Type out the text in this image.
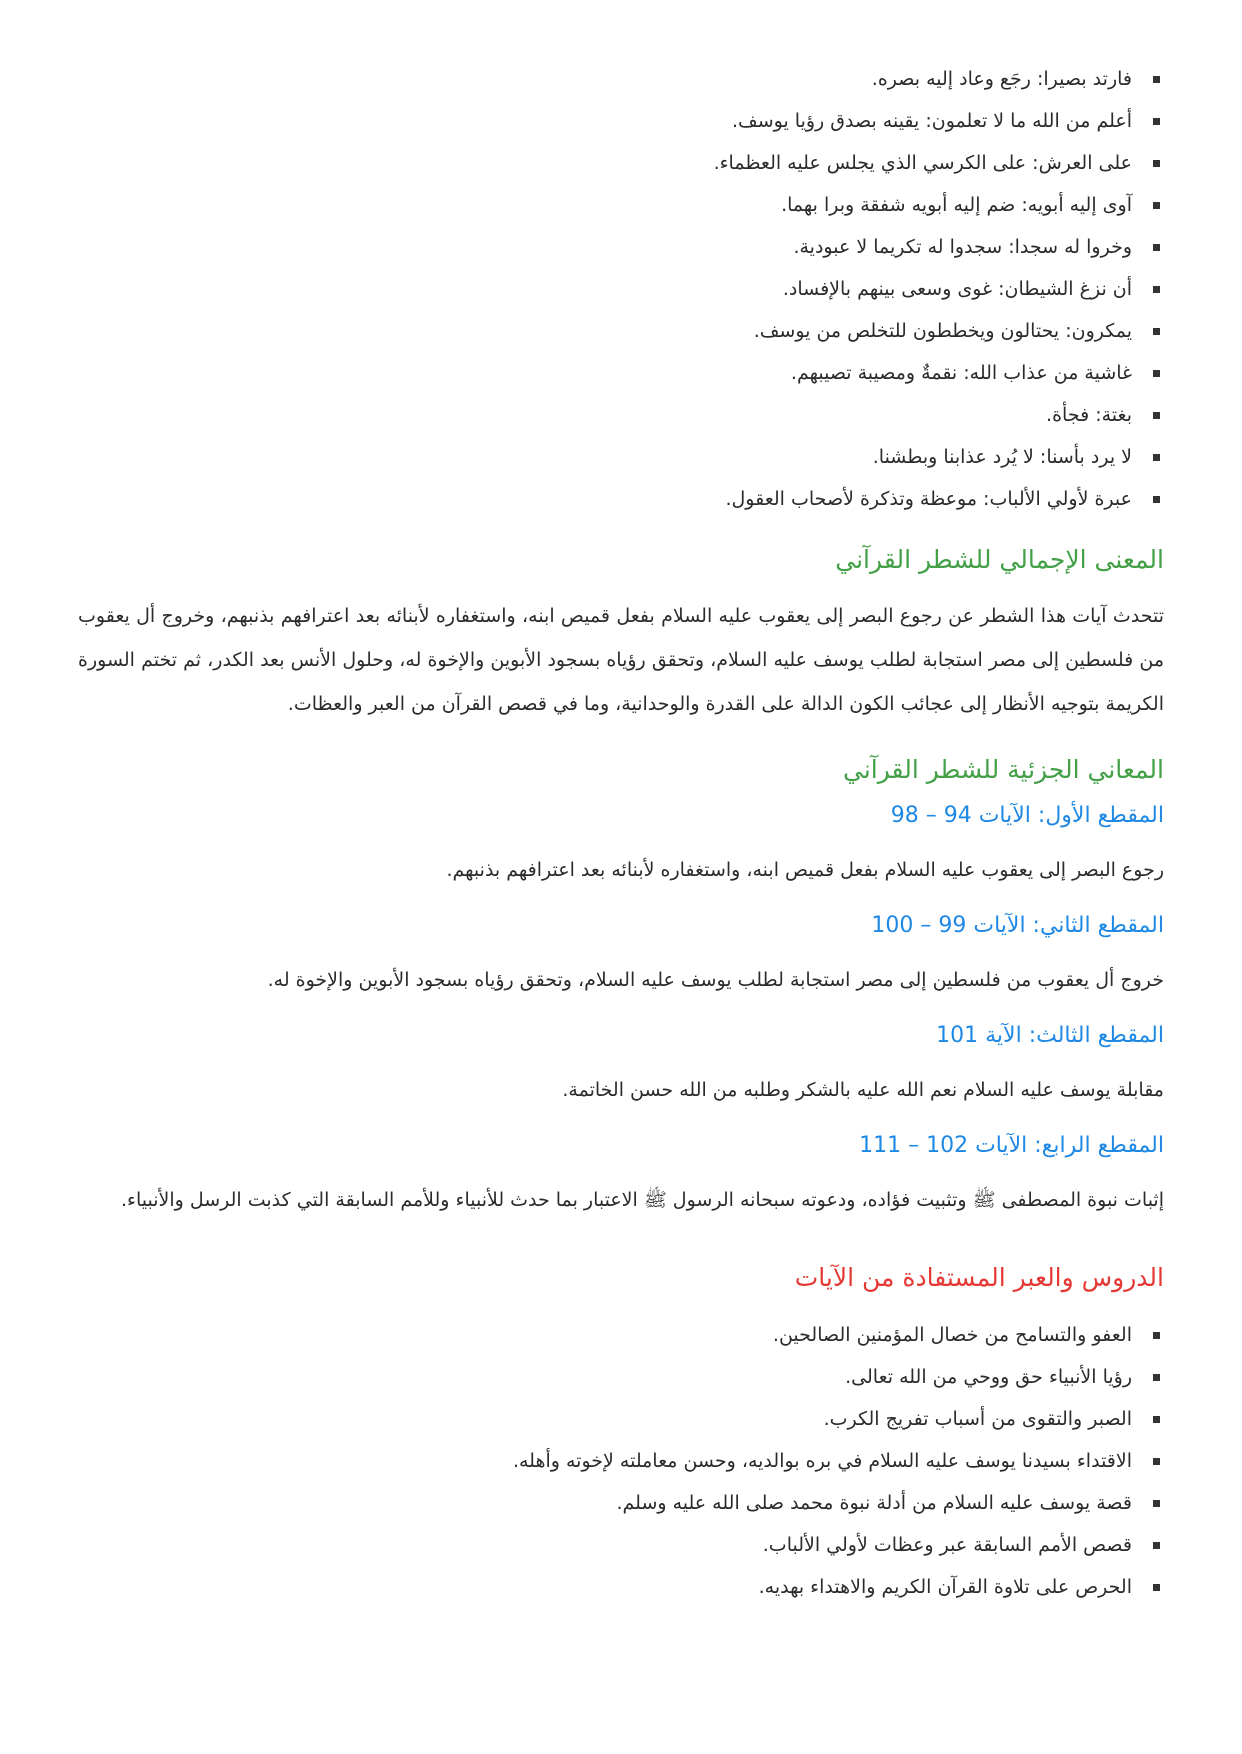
فارتد بصيرا: رجَع وعاد إليه بصره.
أعلم من الله ما لا تعلمون: يقينه بصدق رؤيا يوسف.
على العرش: على الكرسي الذي يجلس عليه العظماء.
آوى إليه أبويه: ضم إليه أبويه شفقة وبرا بهما.
وخروا له سجدا: سجدوا له تكريما لا عبودية.
أن نزغ الشيطان: غوى وسعى بينهم بالإفساد.
يمكرون: يحتالون ويخططون للتخلص من يوسف.
غاشية من عذاب الله: نقمةٌ ومصيبة تصيبهم.
بغتة: فجأة.
لا يرد بأسنا: لا يُرد عذابنا وبطشنا.
عبرة لأولي الألباب: موعظة وتذكرة لأصحاب العقول.
المعنى الإجمالي للشطر القرآني

تتحدث آيات هذا الشطر عن رجوع البصر إلى يعقوب عليه السلام بفعل قميص ابنه، واستغفاره لأبنائه بعد اعترافهم بذنبهم، وخروج أل يعقوب من فلسطين إلى مصر استجابة لطلب يوسف عليه السلام، وتحقق رؤياه بسجود الأبوين والإخوة له، وحلول الأنس بعد الكدر، ثم تختم السورة الكريمة بتوجيه الأنظار إلى عجائب الكون الدالة على القدرة والوحدانية، وما في قصص القرآن من العبر والعظات.

المعاني الجزئية للشطر القرآني
المقطع الأول: الآيات 94 – 98

رجوع البصر إلى يعقوب عليه السلام بفعل قميص ابنه، واستغفاره لأبنائه بعد اعترافهم بذنبهم.

المقطع الثاني: الآيات 99 – 100

خروج أل يعقوب من فلسطين إلى مصر استجابة لطلب يوسف عليه السلام، وتحقق رؤياه بسجود الأبوين والإخوة له.

المقطع الثالث: الآية 101

مقابلة يوسف عليه السلام نعم الله عليه بالشكر وطلبه من الله حسن الخاتمة.

المقطع الرابع: الآيات 102 – 111

إثبات نبوة المصطفى ﷺ وتثبيت فؤاده، ودعوته سبحانه الرسول ﷺ الاعتبار بما حدث للأنبياء وللأمم السابقة التي كذبت الرسل والأنبياء.

الدروس والعبر المستفادة من الآيات
العفو والتسامح من خصال المؤمنين الصالحين.
رؤيا الأنبياء حق ووحي من الله تعالى.
الصبر والتقوى من أسباب تفريج الكرب.
الاقتداء بسيدنا يوسف عليه السلام في بره بوالديه، وحسن معاملته لإخوته وأهله.
قصة يوسف عليه السلام من أدلة نبوة محمد صلى الله عليه وسلم.
قصص الأمم السابقة عبر وعظات لأولي الألباب.
الحرص على تلاوة القرآن الكريم والاهتداء بهديه.
